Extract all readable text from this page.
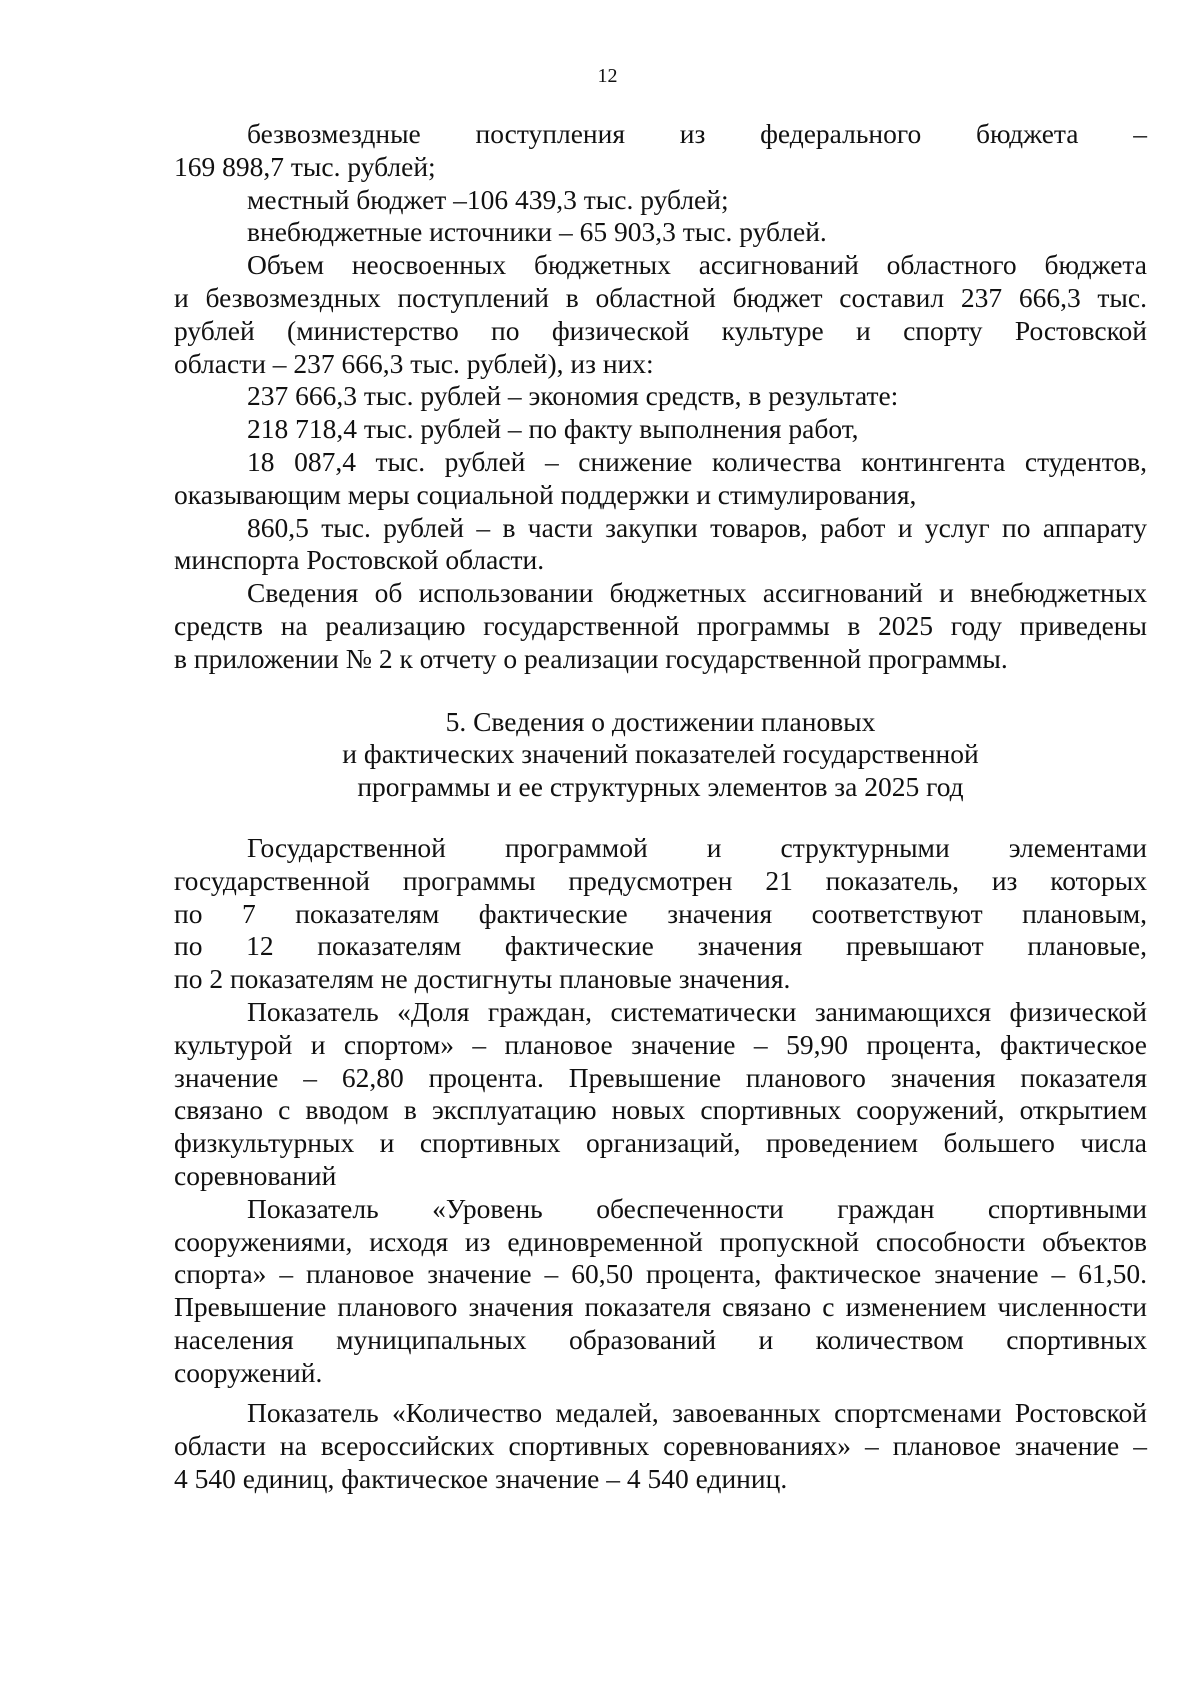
12
безвозмездные поступления из федерального бюджета –
169 898,7 тыс. рублей;
местный бюджет –106 439,3 тыс. рублей;
внебюджетные источники – 65 903,3 тыс. рублей.
Объем неосвоенных бюджетных ассигнований областного бюджета
и безвозмездных поступлений в областной бюджет составил 237 666,3 тыс.
рублей (министерство по физической культуре и спорту Ростовской
области – 237 666,3 тыс. рублей), из них:
237 666,3 тыс. рублей – экономия средств, в результате:
218 718,4 тыс. рублей – по факту выполнения работ,
18 087,4 тыс. рублей – снижение количества контингента студентов,
оказывающим меры социальной поддержки и стимулирования,
860,5 тыс. рублей – в части закупки товаров, работ и услуг по аппарату
минспорта Ростовской области.
Сведения об использовании бюджетных ассигнований и внебюджетных
средств на реализацию государственной программы в 2025 году приведены
в приложении № 2 к отчету о реализации государственной программы.
5. Сведения о достижении плановых
и фактических значений показателей государственной
программы и ее структурных элементов за 2025 год
Государственной программой и структурными элементами
государственной программы предусмотрен 21 показатель, из которых
по 7 показателям фактические значения соответствуют плановым,
по 12 показателям фактические значения превышают плановые,
по 2 показателям не достигнуты плановые значения.
Показатель «Доля граждан, систематически занимающихся физической
культурой и спортом» – плановое значение – 59,90 процента, фактическое
значение – 62,80 процента. Превышение планового значения показателя
связано с вводом в эксплуатацию новых спортивных сооружений, открытием
физкультурных и спортивных организаций, проведением большего числа
соревнований
Показатель «Уровень обеспеченности граждан спортивными
сооружениями, исходя из единовременной пропускной способности объектов
спорта» – плановое значение – 60,50 процента, фактическое значение – 61,50.
Превышение планового значения показателя связано с изменением численности
населения муниципальных образований и количеством спортивных
сооружений.
Показатель «Количество медалей, завоеванных спортсменами Ростовской
области на всероссийских спортивных соревнованиях» – плановое значение –
4 540 единиц, фактическое значение – 4 540 единиц.
